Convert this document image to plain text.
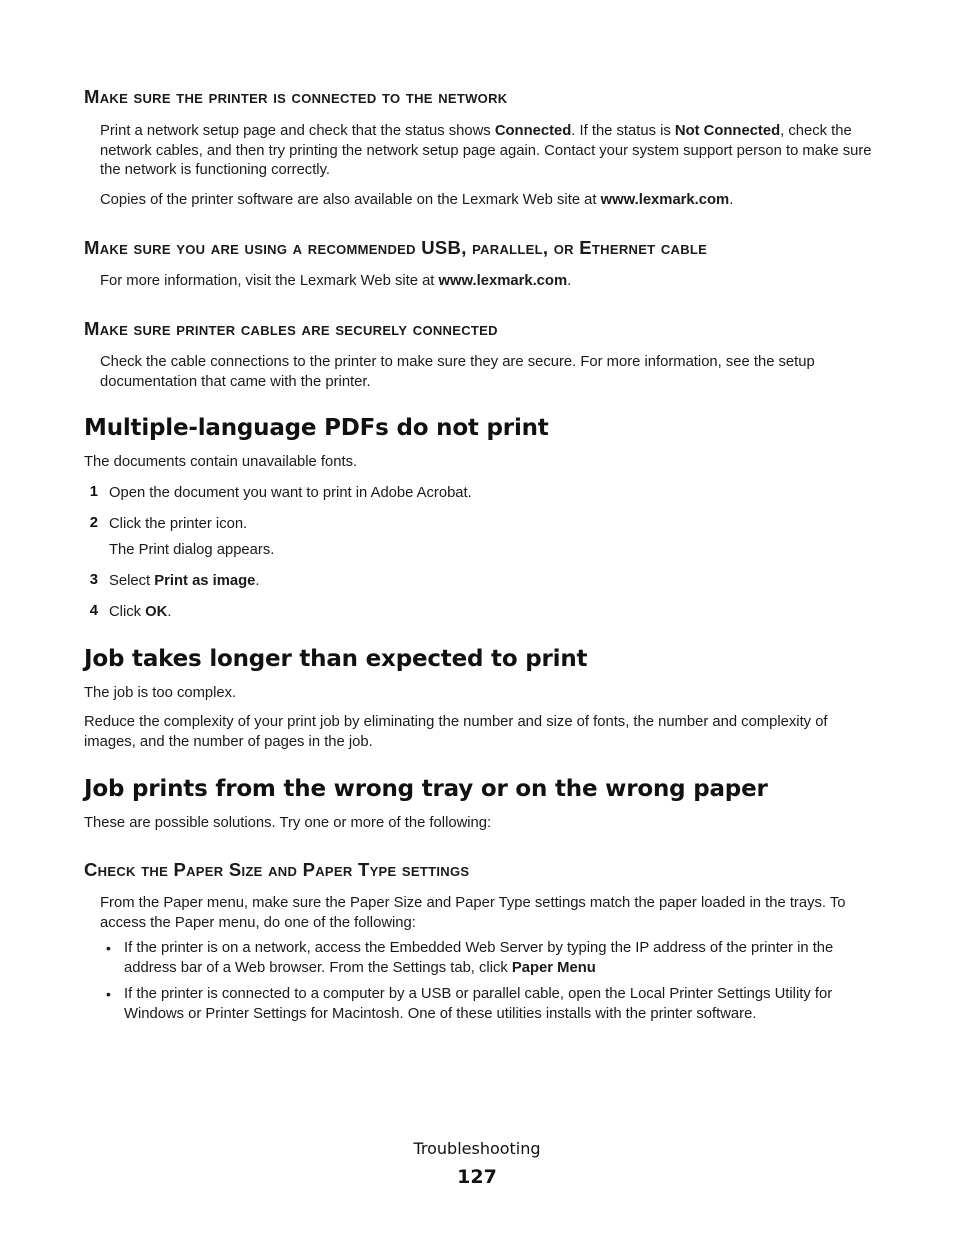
Make sure the printer is connected to the network
Print a network setup page and check that the status shows Connected. If the status is Not Connected, check the network cables, and then try printing the network setup page again. Contact your system support person to make sure the network is functioning correctly.
Copies of the printer software are also available on the Lexmark Web site at www.lexmark.com.
Make sure you are using a recommended USB, parallel, or Ethernet cable
For more information, visit the Lexmark Web site at www.lexmark.com.
Make sure printer cables are securely connected
Check the cable connections to the printer to make sure they are secure. For more information, see the setup documentation that came with the printer.
Multiple-language PDFs do not print
The documents contain unavailable fonts.
1 Open the document you want to print in Adobe Acrobat.
2 Click the printer icon.
The Print dialog appears.
3 Select Print as image.
4 Click OK.
Job takes longer than expected to print
The job is too complex.
Reduce the complexity of your print job by eliminating the number and size of fonts, the number and complexity of images, and the number of pages in the job.
Job prints from the wrong tray or on the wrong paper
These are possible solutions. Try one or more of the following:
Check the Paper Size and Paper Type settings
From the Paper menu, make sure the Paper Size and Paper Type settings match the paper loaded in the trays. To access the Paper menu, do one of the following:
• If the printer is on a network, access the Embedded Web Server by typing the IP address of the printer in the address bar of a Web browser. From the Settings tab, click Paper Menu
• If the printer is connected to a computer by a USB or parallel cable, open the Local Printer Settings Utility for Windows or Printer Settings for Macintosh. One of these utilities installs with the printer software.
Troubleshooting
127
